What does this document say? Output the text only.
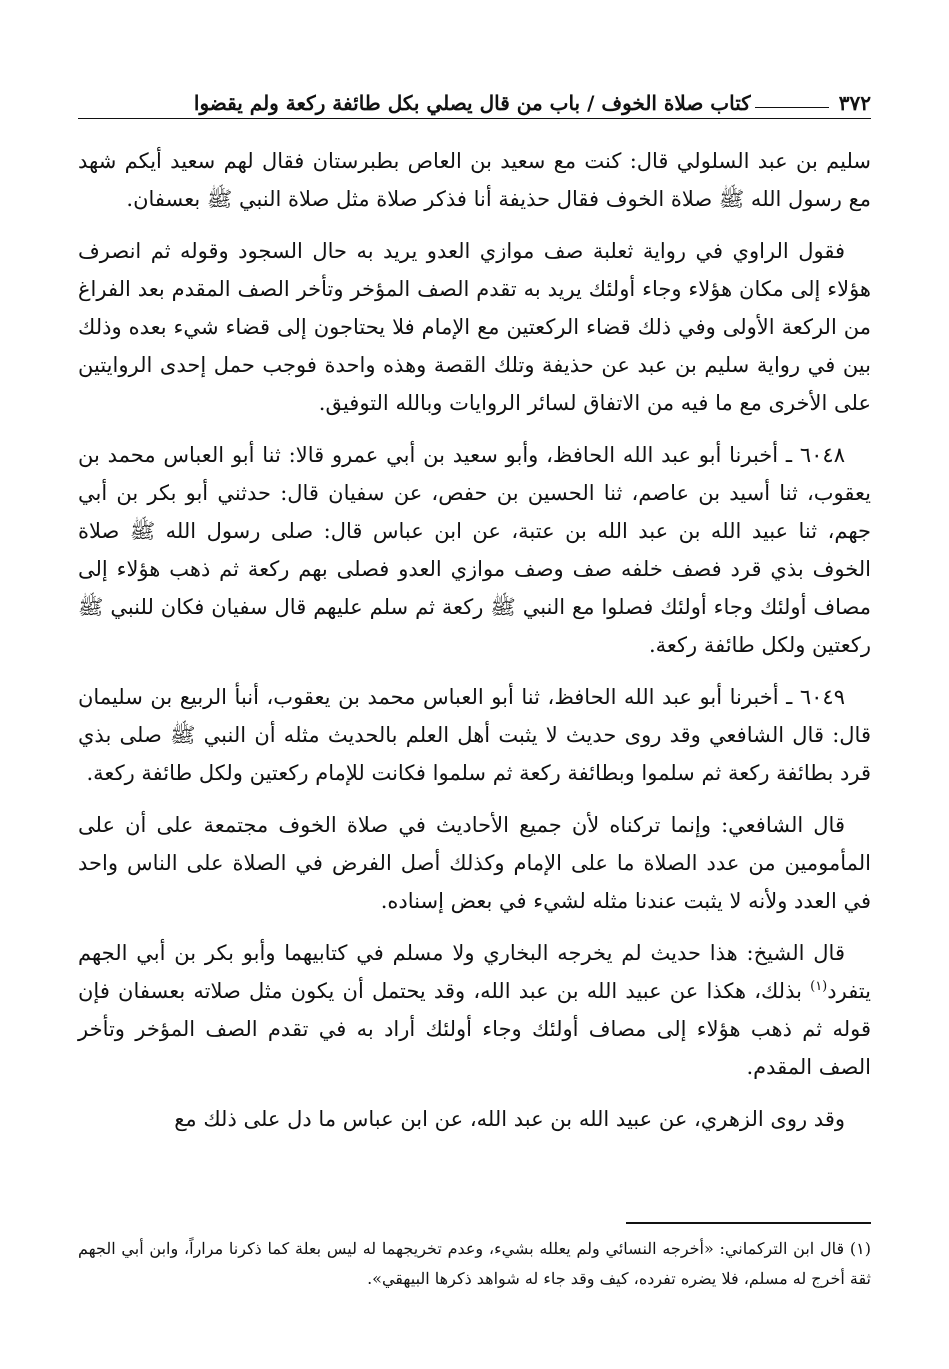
٣٧٢
كتاب صلاة الخوف / باب من قال يصلي بكل طائفة ركعة ولم يقضوا

سليم بن عبد السلولي قال: كنت مع سعيد بن العاص بطبرستان فقال لهم سعيد أيكم شهد مع رسول الله ﷺ صلاة الخوف فقال حذيفة أنا فذكر صلاة مثل صلاة النبي ﷺ بعسفان.

فقول الراوي في رواية ثعلبة صف موازي العدو يريد به حال السجود وقوله ثم انصرف هؤلاء إلى مكان هؤلاء وجاء أولئك يريد به تقدم الصف المؤخر وتأخر الصف المقدم بعد الفراغ من الركعة الأولى وفي ذلك قضاء الركعتين مع الإمام فلا يحتاجون إلى قضاء شيء بعده وذلك بين في رواية سليم بن عبد عن حذيفة وتلك القصة وهذه واحدة فوجب حمل إحدى الروايتين على الأخرى مع ما فيه من الاتفاق لسائر الروايات وبالله التوفيق.

٦٠٤٨ ـ أخبرنا أبو عبد الله الحافظ، وأبو سعيد بن أبي عمرو قالا: ثنا أبو العباس محمد بن يعقوب، ثنا أسيد بن عاصم، ثنا الحسين بن حفص، عن سفيان قال: حدثني أبو بكر بن أبي جهم، ثنا عبيد الله بن عبد الله بن عتبة، عن ابن عباس قال: صلى رسول الله ﷺ صلاة الخوف بذي قرد فصف خلفه صف وصف موازي العدو فصلى بهم ركعة ثم ذهب هؤلاء إلى مصاف أولئك وجاء أولئك فصلوا مع النبي ﷺ ركعة ثم سلم عليهم قال سفيان فكان للنبي ﷺ ركعتين ولكل طائفة ركعة.

٦٠٤٩ ـ أخبرنا أبو عبد الله الحافظ، ثنا أبو العباس محمد بن يعقوب، أنبأ الربيع بن سليمان قال: قال الشافعي وقد روى حديث لا يثبت أهل العلم بالحديث مثله أن النبي ﷺ صلى بذي قرد بطائفة ركعة ثم سلموا وبطائفة ركعة ثم سلموا فكانت للإمام ركعتين ولكل طائفة ركعة.

قال الشافعي: وإنما تركناه لأن جميع الأحاديث في صلاة الخوف مجتمعة على أن على المأمومين من عدد الصلاة ما على الإمام وكذلك أصل الفرض في الصلاة على الناس واحد في العدد ولأنه لا يثبت عندنا مثله لشيء في بعض إسناده.

قال الشيخ: هذا حديث لم يخرجه البخاري ولا مسلم في كتابيهما وأبو بكر بن أبي الجهم يتفرد$^{(١)}$ بذلك، هكذا عن عبيد الله بن عبد الله، وقد يحتمل أن يكون مثل صلاته بعسفان فإن قوله ثم ذهب هؤلاء إلى مصاف أولئك وجاء أولئك أراد به في تقدم الصف المؤخر وتأخر الصف المقدم.

وقد روى الزهري، عن عبيد الله بن عبد الله، عن ابن عباس ما دل على ذلك مع

(١) قال ابن التركماني: «أخرجه النسائي ولم يعلله بشيء، وعدم تخريجهما له ليس بعلة كما ذكرنا مراراً، وابن أبي الجهم ثقة أخرج له مسلم، فلا يضره تفرده، كيف وقد جاء له شواهد ذكرها البيهقي».
